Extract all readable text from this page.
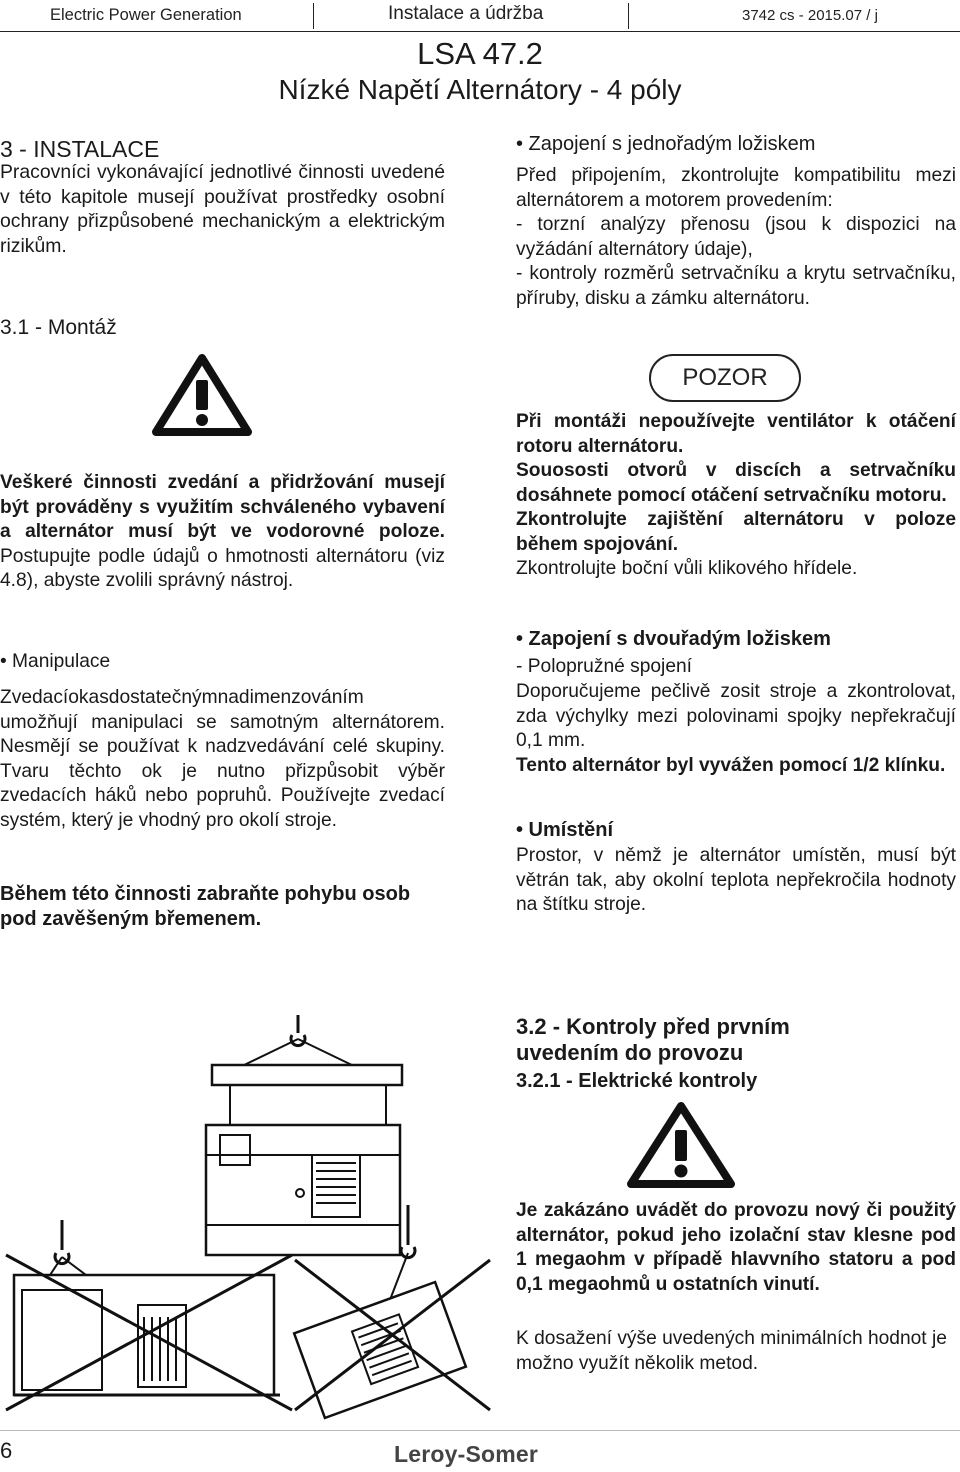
Electric Power Generation	Instalace a údržba	3742 cs - 2015.07 / j
LSA 47.2
Nízké Napětí Alternátory - 4 póly

3 - INSTALACE

Pracovníci vykonávající jednotlivé činnosti uvedené v této kapitole musejí používat prostředky osobní ochrany přizpůsobené mechanickým a elektrickým rizikům.

3.1 - Montáž

Veškeré činnosti zvedání a přidržování musejí být prováděny s využitím schváleného vybavení a alternátor musí být ve vodorovné poloze. Postupujte podle údajů o hmotnosti alternátoru (viz 4.8), abyste zvolili správný nástroj.

• Manipulace

Zvedacíokasdostatečnýmnadimenzováním umožňují manipulaci se samotným alternátorem. Nesmějí se používat k nadzvedávání celé skupiny. Tvaru těchto ok je nutno přizpůsobit výběr zvedacích háků nebo popruhů. Používejte zvedací systém, který je vhodný pro okolí stroje.

Během této činnosti zabraňte pohybu osob pod zavěšeným břemenem.

• Zapojení s jednořadým ložiskem

Před připojením, zkontrolujte kompatibilitu mezi alternátorem a motorem provedením:
- torzní analýzy přenosu (jsou k dispozici na vyžádání alternátory údaje),
- kontroly rozměrů setrvačníku a krytu setrvačníku, příruby, disku a zámku alternátoru.

Při montáži nepoužívejte ventilátor k otáčení rotoru alternátoru.
Souososti otvorů v discích a setrvačníku dosáhnete pomocí otáčení setrvačníku motoru.
Zkontrolujte zajištění alternátoru v poloze během spojování.
Zkontrolujte boční vůli klikového hřídele.

• Zapojení s dvouřadým ložiskem

- Polopružné spojení

Doporučujeme pečlivě zosit stroje a zkontrolovat, zda výchylky mezi polovinami spojky nepřekračují 0,1 mm.

Tento alternátor byl vyvážen pomocí 1/2 klínku.

• Umístění

Prostor, v němž je alternátor umístěn, musí být větrán tak, aby okolní teplota nepřekročila hodnoty na štítku stroje.

3.2 - Kontroly před prvním uvedením do provozu

3.2.1 - Elektrické kontroly

Je zakázáno uvádět do provozu nový či použitý alternátor, pokud jeho izolační stav klesne pod 1 megaohm v případě hlavvního statoru a pod 0,1 megaohmů u ostatních vinutí.

K dosažení výše uvedených minimálních hodnot je možno využít několik metod.

POZOR
6	Leroy-Somer
